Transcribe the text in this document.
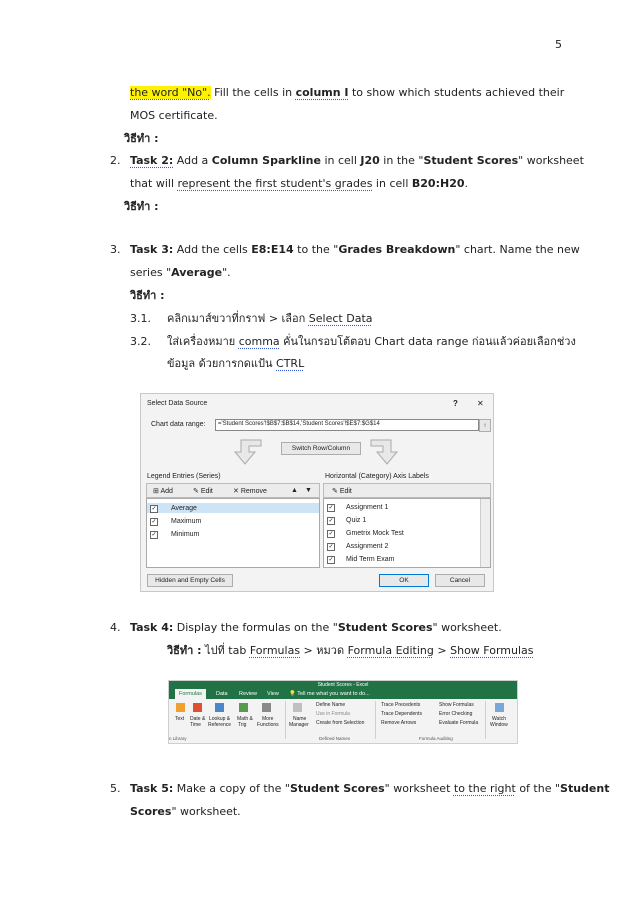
5
the word "No". Fill the cells in column I to show which students achieved their
MOS certificate.
วิธีทำ :
2. Task 2: Add a Column Sparkline in cell J20 in the "Student Scores" worksheet
that will represent the first student's grades in cell B20:H20.
วิธีทำ :
3. Task 3: Add the cells E8:E14 to the "Grades Breakdown" chart. Name the new
series "Average".
วิธีทำ :
3.1. คลิกเมาส์ขวาที่กราฟ > เลือก Select Data
3.2. ใส่เครื่องหมาย comma คั่นในกรอบโต้ตอบ Chart data range ก่อนแล้วค่อยเลือกช่วง
ข้อมูล ด้วยการกดแป้น CTRL
Select Data Source	? ✕
Chart data range: ='Student Scores'!$B$7:$B$14,'Student Scores'!$E$7:$G$14	↑
Switch Row/Column
Legend Entries (Series)	Horizontal (Category) Axis Labels
⊞ Add	✎ Edit	✕ Remove	▲ ▼
✓ Average
✓ Maximum
✓ Minimum
✎ Edit
✓ Assignment 1
✓ Quiz 1
✓ Gmetrix Mock Test
✓ Assignment 2
✓ Mid Term Exam
Hidden and Empty Cells	OK	Cancel
4. Task 4: Display the formulas on the "Student Scores" worksheet.
วิธีทำ : ไปที่ tab Formulas > หมวด Formula Editing > Show Formulas
Student Scores - Excel
Formulas	Data Review View 💡 Tell me what you want to do...
Text Date &
Time
Lookup &
Reference
Math &
Trig
More
Functions
n Library
Name
Manager
Define Name
Use in Formula
Create from Selection
Defined Names
Trace Precedents
Trace Dependents
Remove Arrows
Show Formulas
Error Checking
Evaluate Formula
Formula Auditing
Watch
Window
5. Task 5: Make a copy of the "Student Scores" worksheet to the right of the "Student
Scores" worksheet.
